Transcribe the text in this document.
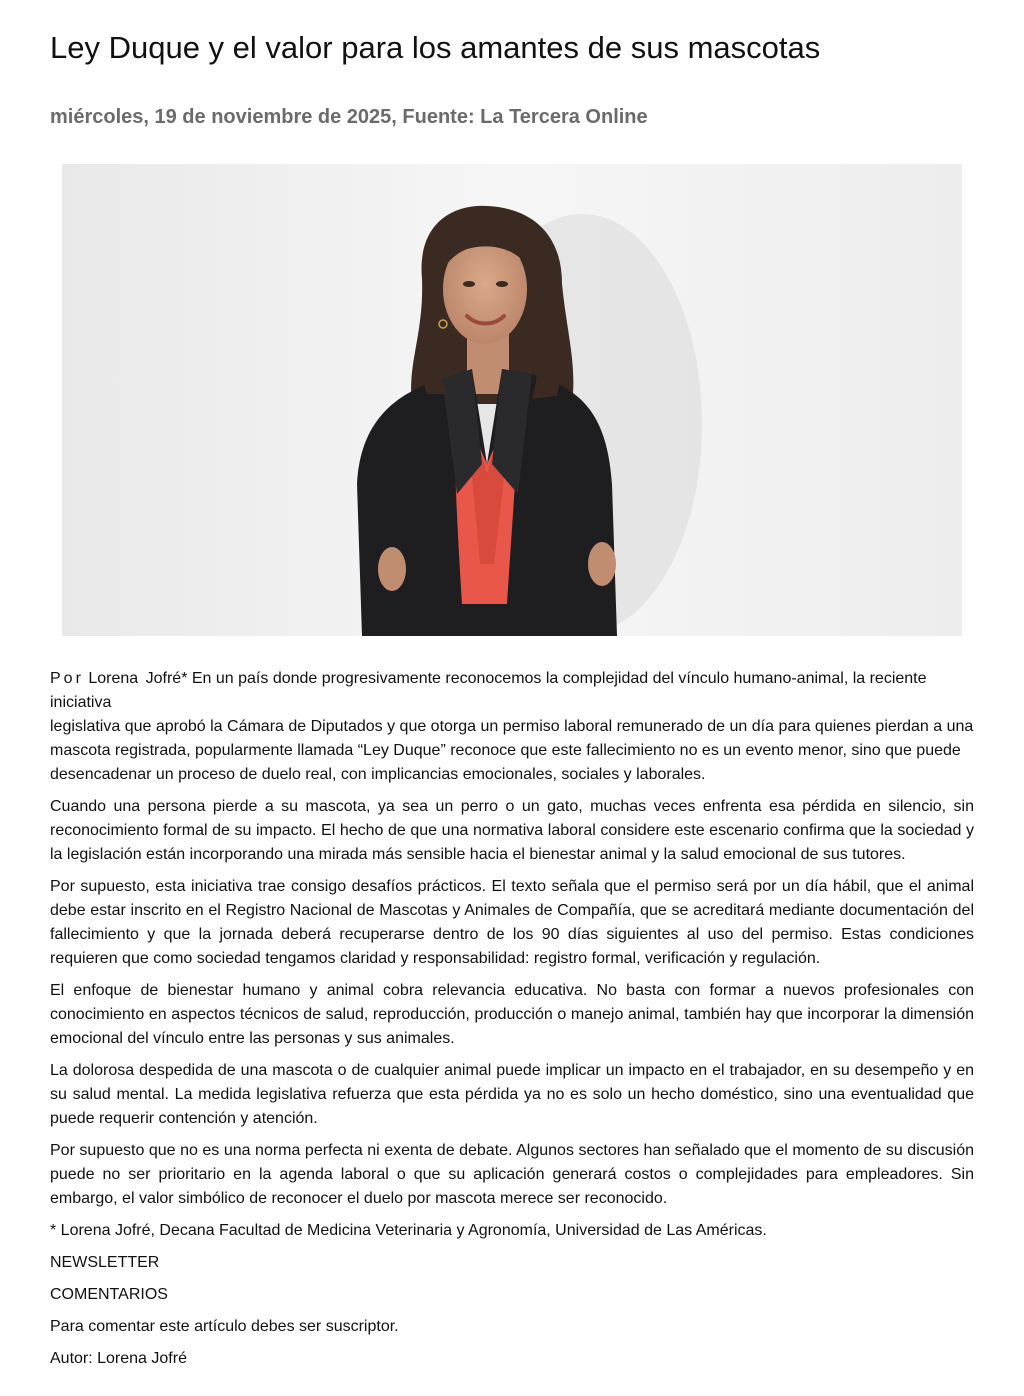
Ley Duque y el valor para los amantes de sus mascotas
miércoles, 19 de noviembre de 2025, Fuente: La Tercera Online

Por Lorena Jofré* En un país donde progresivamente reconocemos la complejidad del vínculo humano-animal, la reciente iniciativa
legislativa que aprobó la Cámara de Diputados y que otorga un permiso laboral remunerado de un día para quienes pierdan a una mascota registrada, popularmente llamada “Ley Duque” reconoce que este fallecimiento no es un evento menor, sino que puede desencadenar un proceso de duelo real, con implicancias emocionales, sociales y laborales.

Cuando una persona pierde a su mascota, ya sea un perro o un gato, muchas veces enfrenta esa pérdida en silencio, sin reconocimiento formal de su impacto. El hecho de que una normativa laboral considere este escenario confirma que la sociedad y la legislación están incorporando una mirada más sensible hacia el bienestar animal y la salud emocional de sus tutores.

Por supuesto, esta iniciativa trae consigo desafíos prácticos. El texto señala que el permiso será por un día hábil, que el animal debe estar inscrito en el Registro Nacional de Mascotas y Animales de Compañía, que se acreditará mediante documentación del fallecimiento y que la jornada deberá recuperarse dentro de los 90 días siguientes al uso del permiso. Estas condiciones requieren que como sociedad tengamos claridad y responsabilidad: registro formal, verificación y regulación.

El enfoque de bienestar humano y animal cobra relevancia educativa. No basta con formar a nuevos profesionales con conocimiento en aspectos técnicos de salud, reproducción, producción o manejo animal, también hay que incorporar la dimensión emocional del vínculo entre las personas y sus animales.

La dolorosa despedida de una mascota o de cualquier animal puede implicar un impacto en el trabajador, en su desempeño y en su salud mental. La medida legislativa refuerza que esta pérdida ya no es solo un hecho doméstico, sino una eventualidad que puede requerir contención y atención.

Por supuesto que no es una norma perfecta ni exenta de debate. Algunos sectores han señalado que el momento de su discusión puede no ser prioritario en la agenda laboral o que su aplicación generará costos o complejidades para empleadores. Sin embargo, el valor simbólico de reconocer el duelo por mascota merece ser reconocido.

* Lorena Jofré, Decana Facultad de Medicina Veterinaria y Agronomía, Universidad de Las Américas.

NEWSLETTER

COMENTARIOS

Para comentar este artículo debes ser suscriptor.

Autor: Lorena Jofré
